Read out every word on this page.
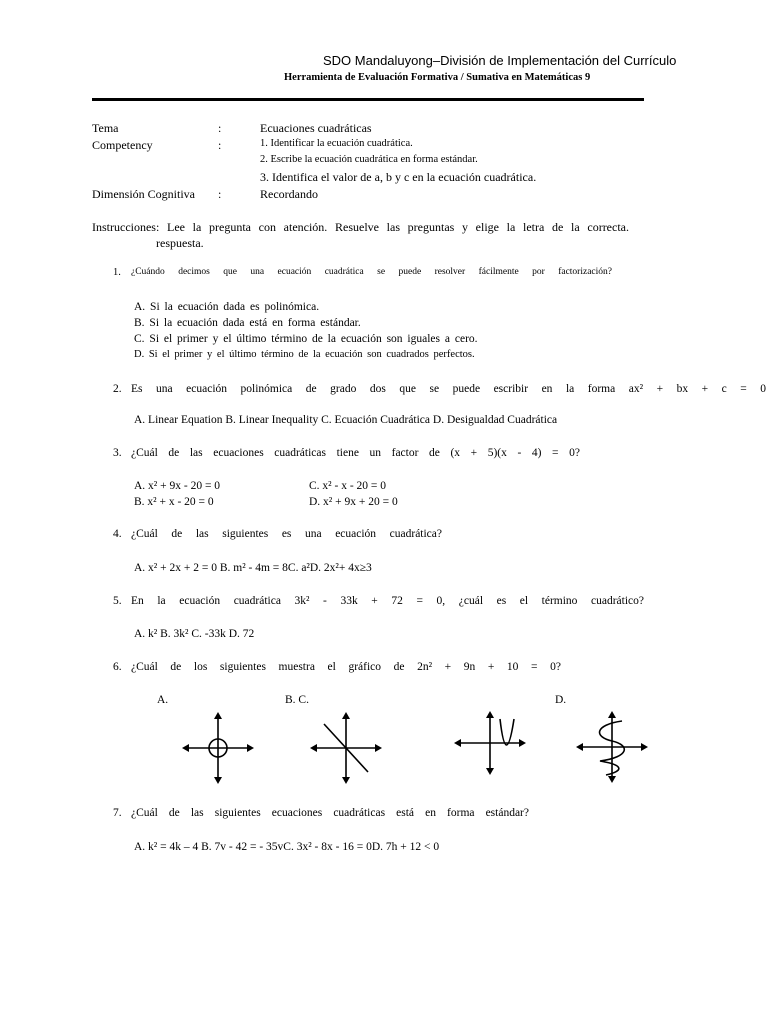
SDO Mandaluyong–División de Implementación del Currículo
Herramienta de Evaluación Formativa / Sumativa en Matemáticas 9
Tema	:	Ecuaciones cuadráticas
Competency	:	1. Identificar la ecuación cuadrática.
2. Escribe la ecuación cuadrática en forma estándar.
3. Identifica el valor de a, b y c en la ecuación cuadrática.
Dimensión Cognitiva :	Recordando
Instrucciones: Lee la pregunta con atención. Resuelve las preguntas y elige la letra de la correcta.
respuesta.
1. ¿Cuándo decimos que una ecuación cuadrática se puede resolver fácilmente por factorización?
A. Si la ecuación dada es polinómica.
B. Si la ecuación dada está en forma estándar.
C. Si el primer y el último término de la ecuación son iguales a cero.
D. Si el primer y el último término de la ecuación son cuadrados perfectos.
2. Es una ecuación polinómica de grado dos que se puede escribir en la forma ax² + bx + c = 0
A. Linear Equation B. Linear Inequality C. Ecuación Cuadrática D. Desigualdad Cuadrática
3. ¿Cuál de las ecuaciones cuadráticas tiene un factor de (x + 5)(x - 4) = 0?
A. x² + 9x - 20 = 0	C. x² - x - 20 = 0
B. x² + x - 20 = 0	D. x² + 9x + 20 = 0
4. ¿Cuál de las siguientes es una ecuación cuadrática?
A. x² + 2x + 2 = 0 B. m² - 4m = 8C. a²D. 2x²+ 4x≥3
5. En la ecuación cuadrática 3k² - 33k + 72 = 0, ¿cuál es el término cuadrático?
A. k² B. 3k² C. -33k D. 72
6. ¿Cuál de los siguientes muestra el gráfico de 2n² + 9n + 10 = 0?
A.	B. C.	D.
7. ¿Cuál de las siguientes ecuaciones cuadráticas está en forma estándar?
A. k² = 4k – 4 B. 7v - 42 = - 35vC. 3x² - 8x - 16 = 0D. 7h + 12 < 0
